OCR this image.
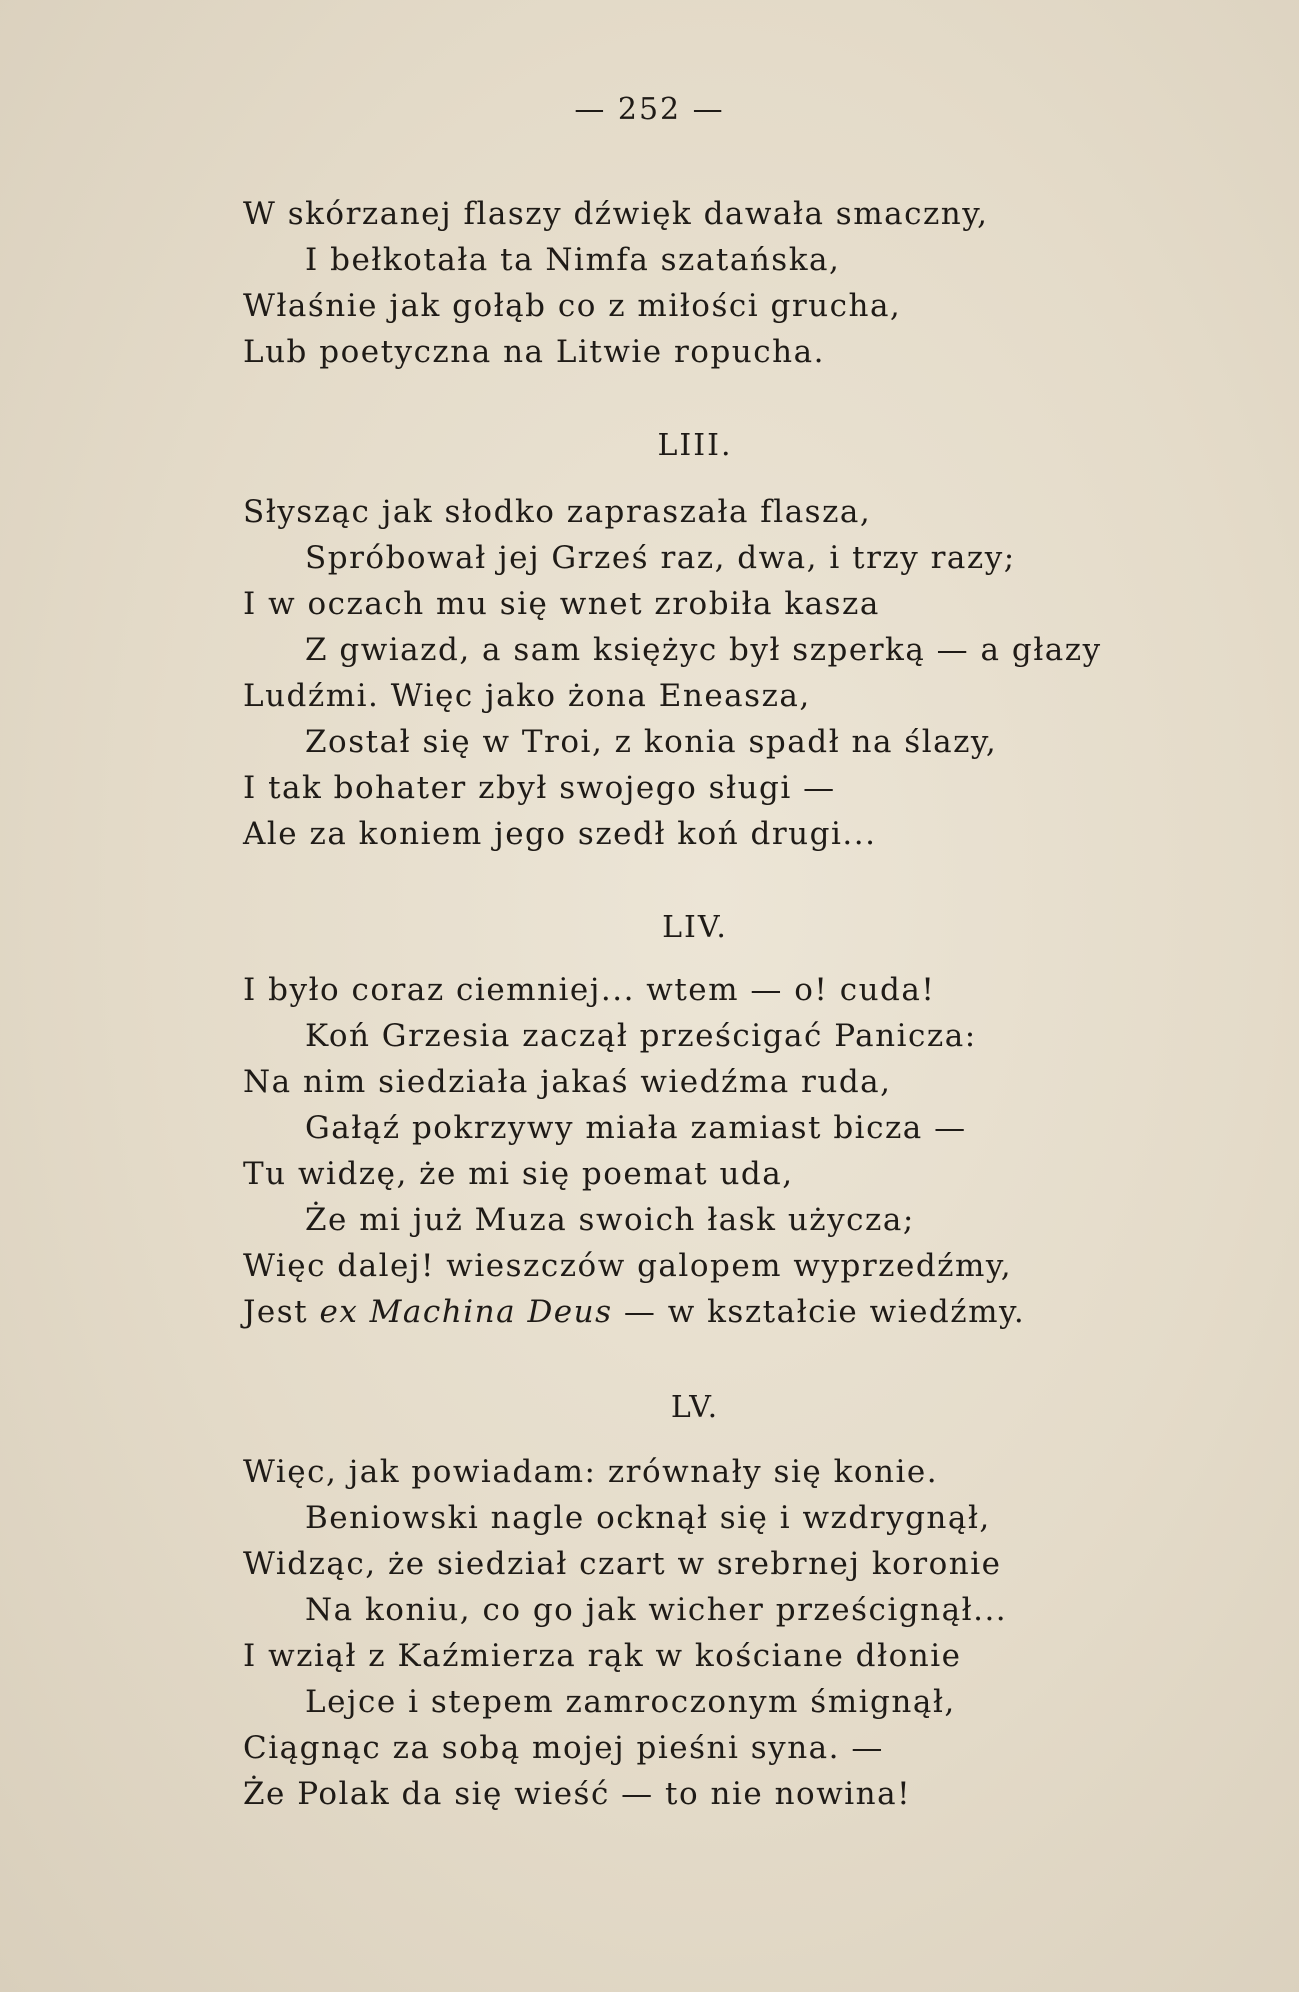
— 252 —
W skórzanej flaszy dźwięk dawała smaczny,
I bełkotała ta Nimfa szatańska,
Właśnie jak gołąb co z miłości grucha,
Lub poetyczna na Litwie ropucha.
LIII.
Słysząc jak słodko zapraszała flasza,
Spróbował jej Grześ raz, dwa, i trzy razy;
I w oczach mu się wnet zrobiła kasza
Z gwiazd, a sam księżyc był szperką — a głazy
Ludźmi. Więc jako żona Eneasza,
Został się w Troi, z konia spadł na ślazy,
I tak bohater zbył swojego sługi —
Ale za koniem jego szedł koń drugi...
LIV.
I było coraz ciemniej... wtem — o! cuda!
Koń Grzesia zaczął prześcigać Panicza:
Na nim siedziała jakaś wiedźma ruda,
Gałąź pokrzywy miała zamiast bicza —
Tu widzę, że mi się poemat uda,
Że mi już Muza swoich łask użycza;
Więc dalej! wieszczów galopem wyprzedźmy,
Jest ex Machina Deus — w kształcie wiedźmy.
LV.
Więc, jak powiadam: zrównały się konie.
Beniowski nagle ocknął się i wzdrygnął,
Widząc, że siedział czart w srebrnej koronie
Na koniu, co go jak wicher prześcignął...
I wziął z Kaźmierza rąk w kościane dłonie
Lejce i stepem zamroczonym śmignął,
Ciągnąc za sobą mojej pieśni syna. —
Że Polak da się wieść — to nie nowina!
